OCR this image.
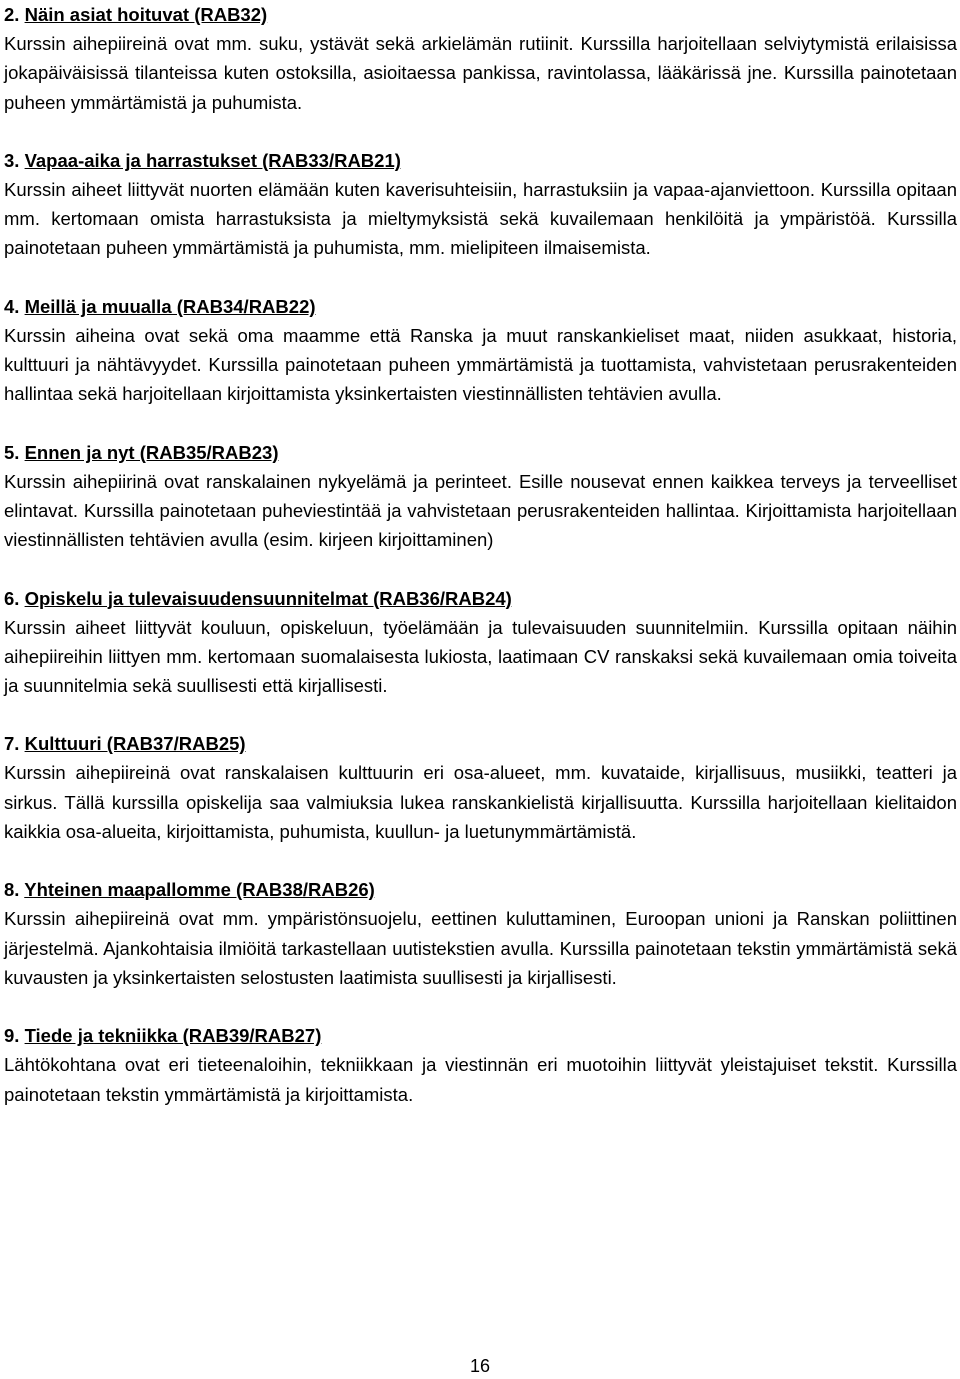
2. Näin asiat hoituvat (RAB32)

Kurssin aihepiireinä ovat mm. suku, ystävät sekä arkielämän rutiinit. Kurssilla harjoitellaan selviytymistä erilaisissa jokapäiväisissä tilanteissa kuten ostoksilla, asioitaessa pankissa, ravintolassa, lääkärissä jne. Kurssilla painotetaan puheen ymmärtämistä ja puhumista.

3. Vapaa-aika ja harrastukset (RAB33/RAB21)

Kurssin aiheet liittyvät nuorten elämään kuten kaverisuhteisiin, harrastuksiin ja vapaa-ajanviettoon. Kurssilla opitaan mm. kertomaan omista harrastuksista ja mieltymyksistä sekä kuvailemaan henkilöitä ja ympäristöä. Kurssilla painotetaan puheen ymmärtämistä ja puhumista, mm. mielipiteen ilmaisemista.

4. Meillä ja muualla (RAB34/RAB22)

Kurssin aiheina ovat sekä oma maamme että Ranska ja muut ranskankieliset maat, niiden asukkaat, historia, kulttuuri ja nähtävyydet. Kurssilla painotetaan puheen ymmärtämistä ja tuottamista, vahvistetaan perusrakenteiden hallintaa sekä harjoitellaan kirjoittamista yksinkertaisten viestinnällisten tehtävien avulla.

5. Ennen ja nyt (RAB35/RAB23)

Kurssin aihepiirinä ovat ranskalainen nykyelämä ja perinteet. Esille nousevat ennen kaikkea terveys ja terveelliset elintavat. Kurssilla painotetaan puheviestintää ja vahvistetaan perusrakenteiden hallintaa. Kirjoittamista harjoitellaan viestinnällisten tehtävien avulla (esim. kirjeen kirjoittaminen)

6. Opiskelu ja tulevaisuudensuunnitelmat (RAB36/RAB24)

Kurssin aiheet liittyvät kouluun, opiskeluun, työelämään ja tulevaisuuden suunnitelmiin. Kurssilla opitaan näihin aihepiireihin liittyen mm. kertomaan suomalaisesta lukiosta, laatimaan CV ranskaksi sekä kuvailemaan omia toiveita ja suunnitelmia sekä suullisesti että kirjallisesti.

7. Kulttuuri (RAB37/RAB25)

Kurssin aihepiireinä ovat ranskalaisen kulttuurin eri osa-alueet, mm. kuvataide, kirjallisuus, musiikki, teatteri ja sirkus. Tällä kurssilla opiskelija saa valmiuksia lukea ranskankielistä kirjallisuutta. Kurssilla harjoitellaan kielitaidon kaikkia osa-alueita, kirjoittamista, puhumista, kuullun- ja luetunymmärtämistä.

8. Yhteinen maapallomme (RAB38/RAB26)

Kurssin aihepiireinä ovat mm. ympäristönsuojelu, eettinen kuluttaminen, Euroopan unioni ja Ranskan poliittinen järjestelmä. Ajankohtaisia ilmiöitä tarkastellaan uutistekstien avulla. Kurssilla painotetaan tekstin ymmärtämistä sekä kuvausten ja yksinkertaisten selostusten laatimista suullisesti ja kirjallisesti.

9. Tiede ja tekniikka (RAB39/RAB27)

Lähtökohtana ovat eri tieteenaloihin, tekniikkaan ja viestinnän eri muotoihin liittyvät yleistajuiset tekstit. Kurssilla painotetaan tekstin ymmärtämistä ja kirjoittamista.

16
